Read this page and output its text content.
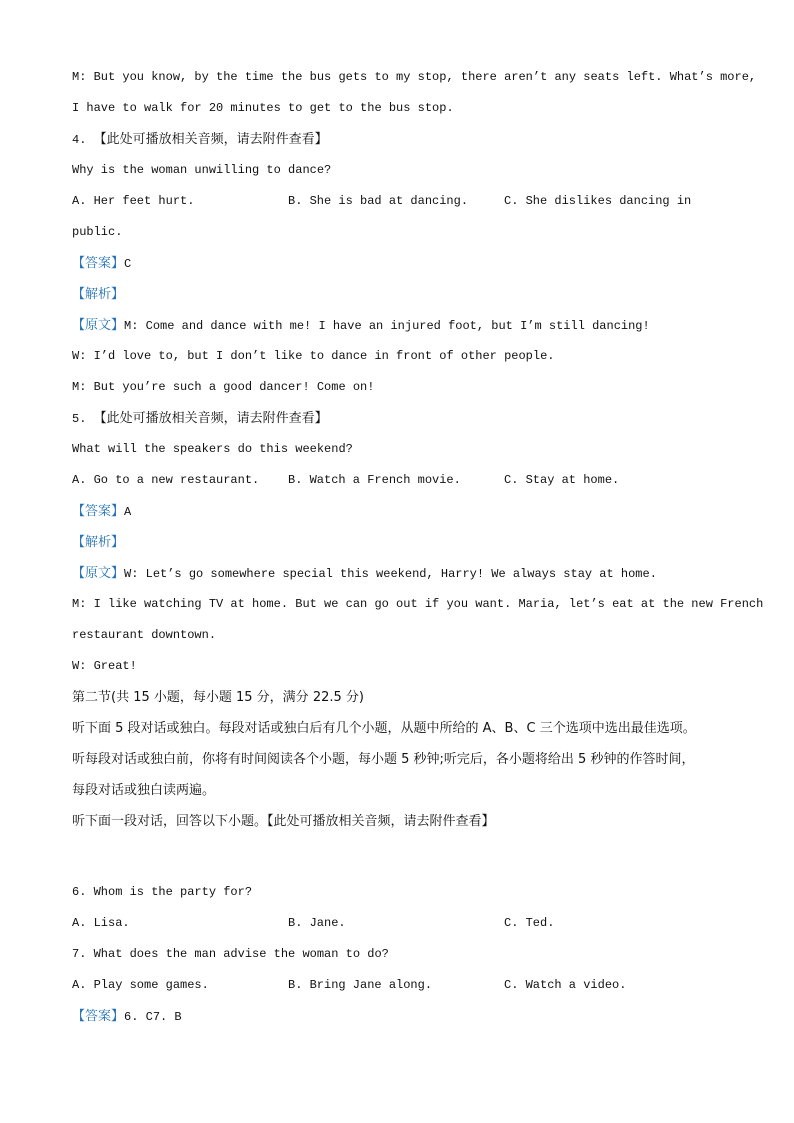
M: But you know, by the time the bus gets to my stop, there aren’t any seats left. What’s more,
I have to walk for 20 minutes to get to the bus stop.
4. 【此处可播放相关音频，请去附件查看】
Why is the woman unwilling to dance?
A. Her feet hurt.	B. She is bad at dancing.	C. She dislikes dancing in
public.
【答案】C
【解析】
【原文】M: Come and dance with me! I have an injured foot, but I’m still dancing!
W: I’d love to, but I don’t like to dance in front of other people.
M: But you’re such a good dancer! Come on!
5. 【此处可播放相关音频，请去附件查看】
What will the speakers do this weekend?
A. Go to a new restaurant.	B. Watch a French movie.	C. Stay at home.
【答案】A
【解析】
【原文】W: Let’s go somewhere special this weekend, Harry! We always stay at home.
M: I like watching TV at home. But we can go out if you want. Maria, let’s eat at the new French
restaurant downtown.
W: Great!
第二节(共 15 小题，每小题 15 分，满分 22.5 分)
听下面 5 段对话或独白。每段对话或独白后有几个小题，从题中所给的 A、B、C 三个选项中选出最佳选项。
听每段对话或独白前，你将有时间阅读各个小题，每小题 5 秒钟;听完后，各小题将给出 5 秒钟的作答时间，
每段对话或独白读两遍。
听下面一段对话，回答以下小题。【此处可播放相关音频，请去附件查看】
6. Whom is the party for?
A. Lisa.	B. Jane.	C. Ted.
7. What does the man advise the woman to do?
A. Play some games.	B. Bring Jane along.	C. Watch a video.
【答案】6. C7. B
